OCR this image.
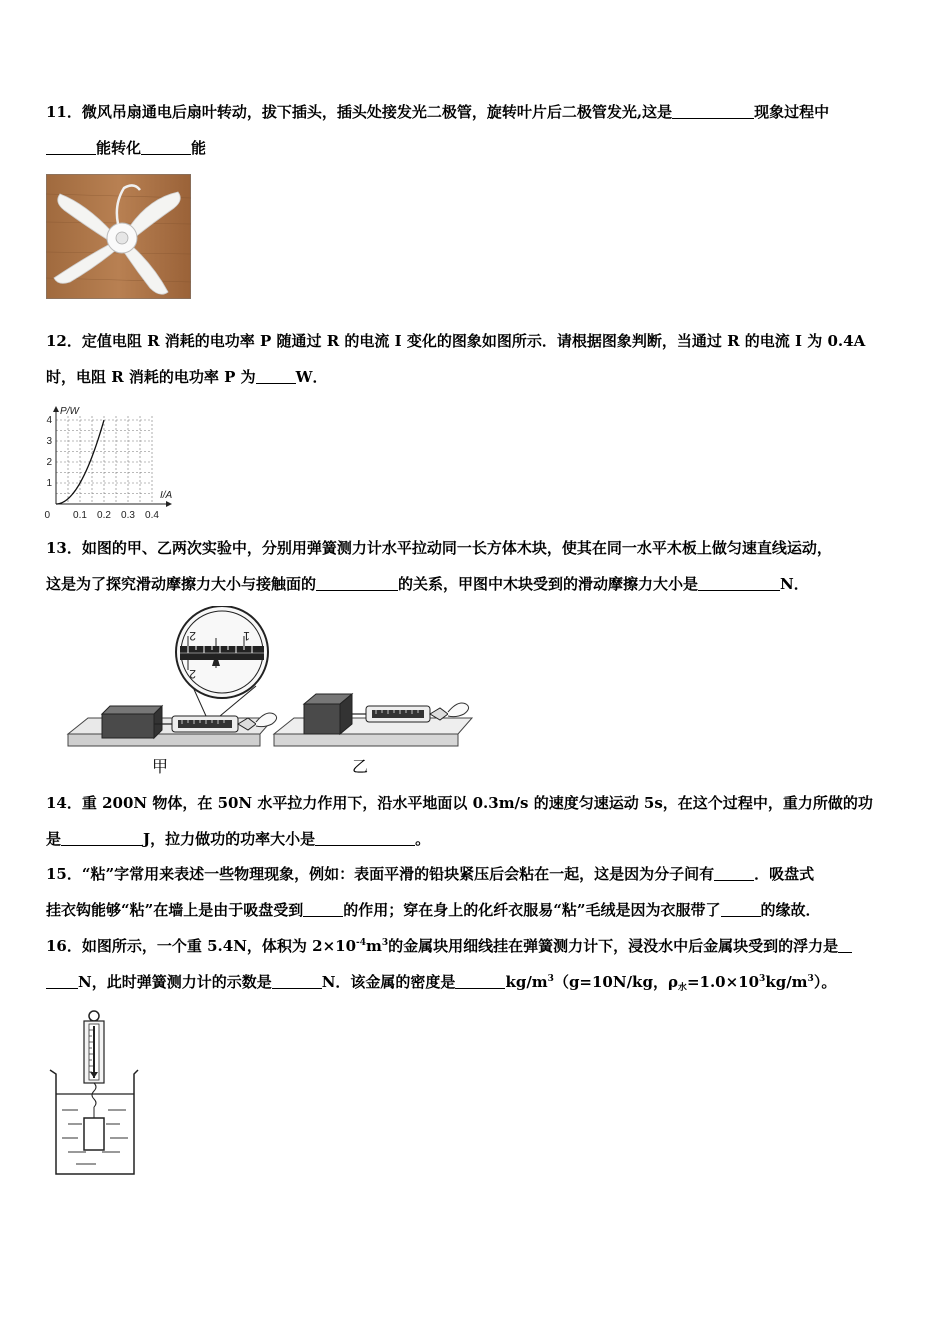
11．微风吊扇通电后扇叶转动，拔下插头，插头处接发光二极管，旋转叶片后二极管发光,这是	现象过程中
能转化	能
12．定值电阻 R 消耗的电功率 P 随通过 R 的电流 I 变化的图象如图所示．请根据图象判断，当通过 R 的电流 I 为 0.4A
时，电阻 R 消耗的电功率 P 为	W．
0.1 0.2 0.3 0.4
1
2
3
4
0
I/A
P/W
13．如图的甲、乙两次实验中，分别用弹簧测力计水平拉动同一长方体木块，使其在同一水平木板上做匀速直线运动，
这是为了探究滑动摩擦力大小与接触面的	的关系，甲图中木块受到的滑动摩擦力大小是	N．
2	1
2
甲	乙
14．重 200N 物体，在 50N 水平拉力作用下，沿水平地面以 0.3m/s 的速度匀速运动 5s，在这个过程中，重力所做的功
是	J，拉力做功的功率大小是	。
15．“粘”字常用来表述一些物理现象，例如：表面平滑的铅块紧压后会粘在一起，这是因为分子间有	．吸盘式
挂衣钩能够“粘”在墙上是由于吸盘受到	的作用；穿在身上的化纤衣服易“粘”毛绒是因为衣服带了	的缘故．
16．如图所示，一个重 5.4N，体积为 $2\times 10^{-4}m^3$的金属块用细线挂在弹簧测力计下，浸没水中后金属块受到的浮力是
N，此时弹簧测力计的示数是	N．该金属的密度是	$kg/m^3(g=10N/kg$，$\rho_水=1.0\times 10^3kg/m^3$）。
